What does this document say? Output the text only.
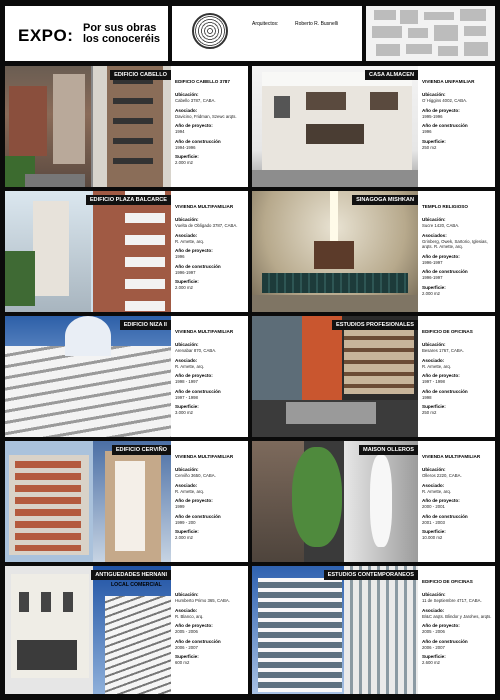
EXPO: Por sus obras los conoceréis
Arquitectos:	Roberto R. Busnelli
EDIFICIO CABELLO
EDIFICIO CABELLO 3787
Ubicación:
Cabello 3787, CABA.
Asociado:
Davicino, Fridman, Szewc arqts.
Año de proyecto:
1994
Año de construcción
1994-1996
Superficie:
2.000 m2
CASA ALMACEN
VIVIENDA UNIFAMILIAR
Ubicación:
O´Higgins 4002, CABA.
Año de proyecto:
1995-1996
Año de construcción
1996
Superficie:
250 m2
EDIFICIO PLAZA BALCARCE
VIVIENDA MULTIFAMILIAR
Ubicación:
Vuelta de Obligado 3787, CABA.
Asociado:
R. Arnette, arq.
Año de proyecto:
1996
Año de construcción
1996-1997
Superficie:
2.000 m2
SINAGOGA MISHKAN
TEMPLO RELIGIOSO
Ubicación:
Sucre 1420, CABA.
Asociados:
Grinberg, Owek, Sartorio, Iglesias, arqts. R. Arnette, arq.
Año de proyecto:
1996-1997
Año de construcción
1996-1997
Superficie:
2.000 m2
EDIFICIO NIZA II
VIVIENDA MULTIFAMILIAR
Ubicación:
Arenabar 870, CABA.
Asociado:
R. Arnette, arq.
Año de proyecto:
1998 - 1997
Año de construcción
1997 - 1998
Superficie:
3.000 m2
ESTUDIOS PROFESIONALES
EDIFICIO DE OFICINAS
Ubicación:
Besares 1767, CABA.
Asociado:
R. Arnette, arq.
Año de proyecto:
1997 - 1998
Año de construcción
1998
Superficie:
250 m2
EDIFICIO CERVIÑO
VIVIENDA MULTIFAMILIAR
Ubicación:
Cerviño 3650, CABA.
Asociado:
R. Arnette, arq.
Año de proyecto:
1999
Año de construcción
1999 - 200
Superficie:
2.000 m2
MAISON OLLEROS
VIVIENDA MULTIFAMILIAR
Ubicación:
Olleros 2220, CABA.
Asociado:
R. Arnette, arq.
Año de proyecto:
2000 - 2001
Año de construcción
2001 - 2003
Superficie:
10.000 m2
ANTIGUEDADES HERNANI
LOCAL COMERCIAL
Ubicación:
Humberto Primo 365, CABA.
Asociado:
R. Blanco, arq.
Año de proyecto:
2005 - 2006
Año de construcción
2006 - 2007
Superficie:
600 m2
ESTUDIOS CONTEMPORANEOS
EDIFICIO DE OFICINAS
Ubicación:
11 de Septiembre 4717, CABA.
Asociado:
B/&C arqts. Blindor y Jarohes, arqts.
Año de proyecto:
2005 - 2006
Año de construcción
2006 - 2007
Superficie:
2.600 m2
